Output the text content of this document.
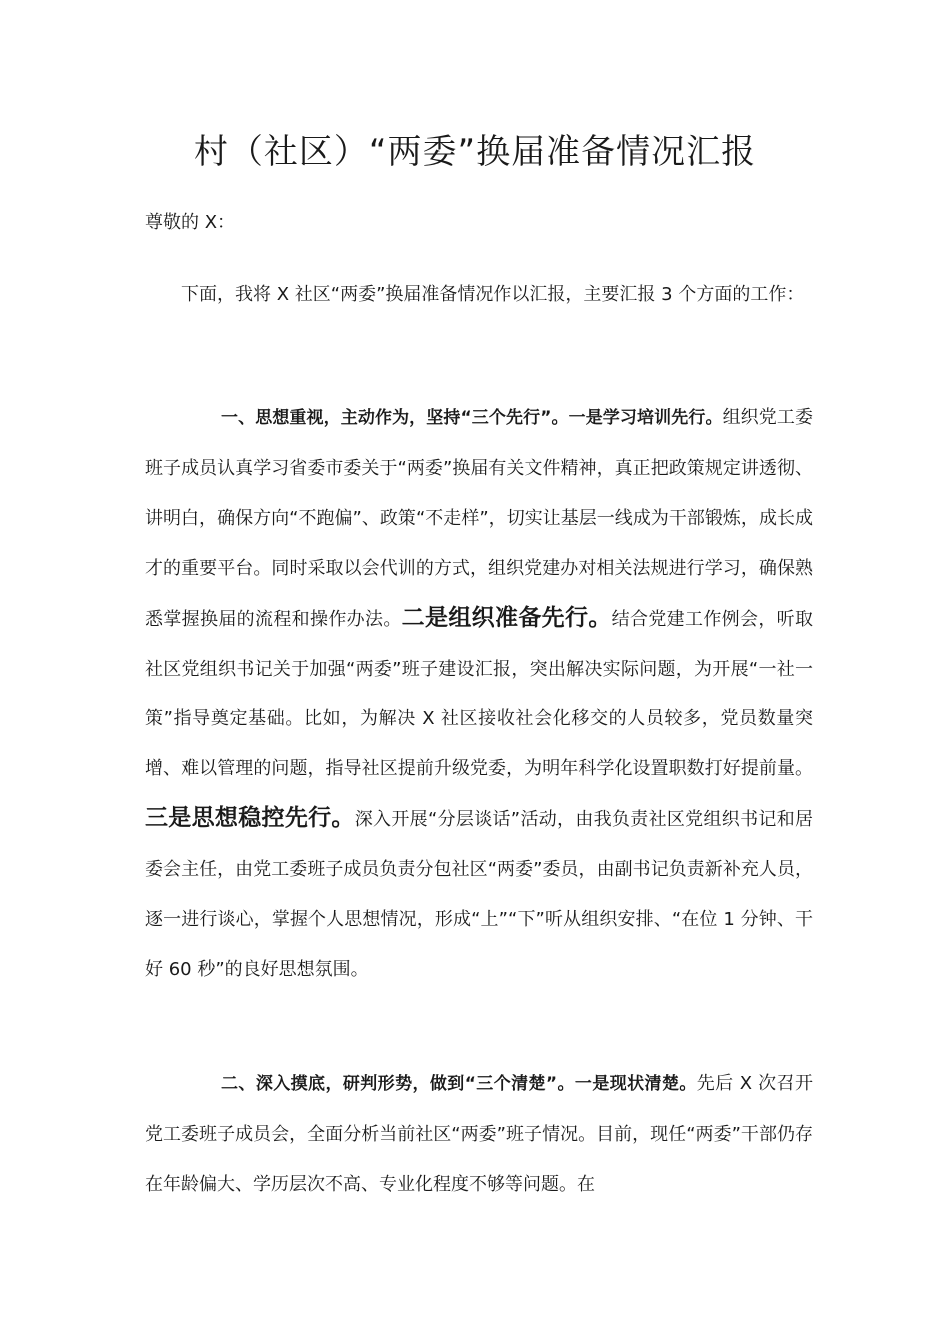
村（社区）“两委”换届准备情况汇报

尊敬的 X：

下面，我将 X 社区“两委”换届准备情况作以汇报，主要汇报 3 个方面的工作：

一、思想重视，主动作为，坚持“三个先行”。一是学习培训先行。组织党工委班子成员认真学习省委市委关于“两委”换届有关文件精神，真正把政策规定讲透彻、讲明白，确保方向“不跑偏”、政策“不走样”，切实让基层一线成为干部锻炼，成长成才的重要平台。同时采取以会代训的方式，组织党建办对相关法规进行学习，确保熟悉掌握换届的流程和操作办法。二是组织准备先行。结合党建工作例会，听取社区党组织书记关于加强“两委”班子建设汇报，突出解决实际问题，为开展“一社一策”指导奠定基础。比如，为解决 X 社区接收社会化移交的人员较多，党员数量突增、难以管理的问题，指导社区提前升级党委，为明年科学化设置职数打好提前量。三是思想稳控先行。深入开展“分层谈话”活动，由我负责社区党组织书记和居委会主任，由党工委班子成员负责分包社区“两委”委员，由副书记负责新补充人员，逐一进行谈心，掌握个人思想情况，形成“上”“下”听从组织安排、“在位 1 分钟、干好 60 秒”的良好思想氛围。

二、深入摸底，研判形势，做到“三个清楚”。一是现状清楚。先后 X 次召开党工委班子成员会，全面分析当前社区“两委”班子情况。目前，现任“两委”干部仍存在年龄偏大、学历层次不高、专业化程度不够等问题。在
